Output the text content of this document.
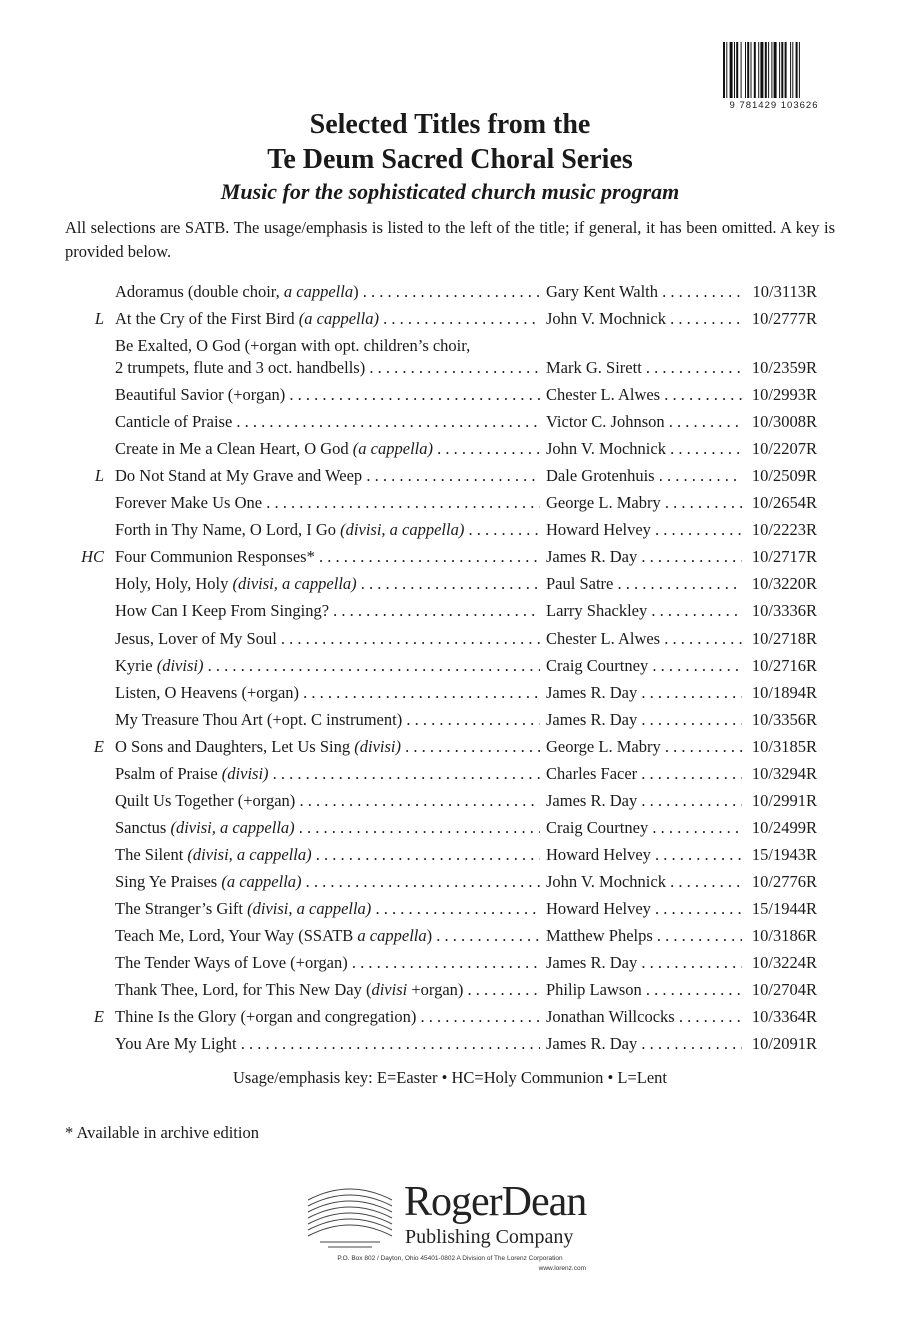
9 781429 103626
Selected Titles from the
Te Deum Sacred Choral Series
Music for the sophisticated church music program
All selections are SATB. The usage/emphasis is listed to the left of the title; if general, it has been omitted. A key is provided below.
Adoramus (double choir, a cappella) . . .	Gary Kent Walth . . .	10/3113R
L At the Cry of the First Bird (a cappella) . . .	John V. Mochnick . . .	10/2777R
Be Exalted, O God (+organ with opt. children’s choir,
2 trumpets, flute and 3 oct. handbells) . . .	Mark G. Sirett . . .	10/2359R
Beautiful Savior (+organ) . . .	Chester L. Alwes . . .	10/2993R
Canticle of Praise . . .	Victor C. Johnson . . .	10/3008R
Create in Me a Clean Heart, O God (a cappella) . . .	John V. Mochnick . . .	10/2207R
L Do Not Stand at My Grave and Weep . . .	Dale Grotenhuis . . .	10/2509R
Forever Make Us One . . .	George L. Mabry . . .	10/2654R
Forth in Thy Name, O Lord, I Go (divisi, a cappella) . . .	Howard Helvey . . .	10/2223R
HC Four Communion Responses* . . .	James R. Day . . .	10/2717R
Holy, Holy, Holy (divisi, a cappella) . . .	Paul Satre . . .	10/3220R
How Can I Keep From Singing? . . .	Larry Shackley . . .	10/3336R
Jesus, Lover of My Soul . . .	Chester L. Alwes . . .	10/2718R
Kyrie (divisi) . . .	Craig Courtney . . .	10/2716R
Listen, O Heavens (+organ) . . .	James R. Day . . .	10/1894R
My Treasure Thou Art (+opt. C instrument) . . .	James R. Day . . .	10/3356R
E O Sons and Daughters, Let Us Sing (divisi) . . .	George L. Mabry . . .	10/3185R
Psalm of Praise (divisi) . . .	Charles Facer . . .	10/3294R
Quilt Us Together (+organ) . . .	James R. Day . . .	10/2991R
Sanctus (divisi, a cappella) . . .	Craig Courtney . . .	10/2499R
The Silent (divisi, a cappella) . . .	Howard Helvey . . .	15/1943R
Sing Ye Praises (a cappella) . . .	John V. Mochnick . . .	10/2776R
The Stranger’s Gift (divisi, a cappella) . . .	Howard Helvey . . .	15/1944R
Teach Me, Lord, Your Way (SSATB a cappella) . . .	Matthew Phelps . . .	10/3186R
The Tender Ways of Love (+organ) . . .	James R. Day . . .	10/3224R
Thank Thee, Lord, for This New Day (divisi +organ) . . .	Philip Lawson . . .	10/2704R
E Thine Is the Glory (+organ and congregation) . . .	Jonathan Willcocks . . .	10/3364R
You Are My Light . . .	James R. Day . . .	10/2091R
Usage/emphasis key: E=Easter • HC=Holy Communion • L=Lent
* Available in archive edition
RogerDean
Publishing Company
P.O. Box 802 / Dayton, Ohio 45401-0802 A Division of The Lorenz Corporation
www.lorenz.com
